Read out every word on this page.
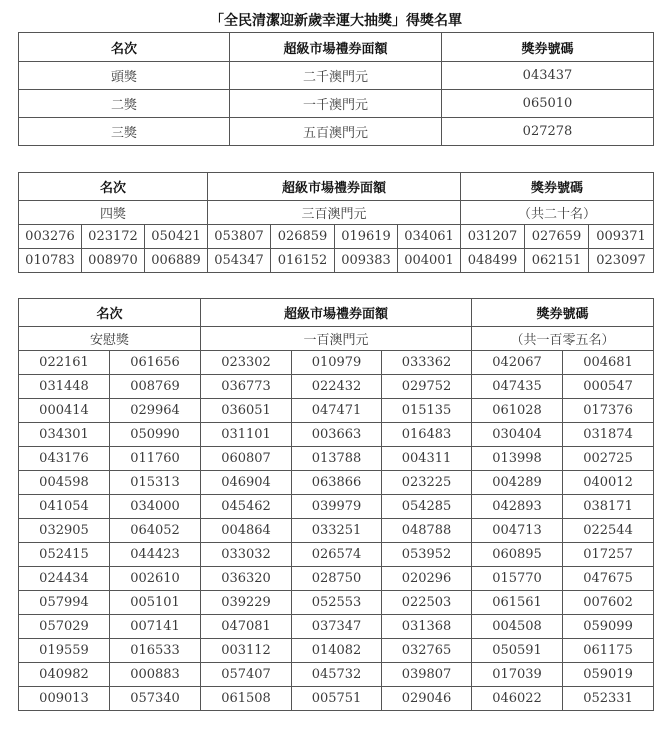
「全民清潔迎新歲幸運大抽獎」得獎名單
名次	超級市場禮券面額	獎券號碼
頭獎	二千澳門元	043437
二獎	一千澳門元	065010
三獎	五百澳門元	027278
名次			超級市場禮券面額				獎券號碼		
四獎			三百澳門元				（共二十名）		
003276	023172	050421	053807	026859	019619	034061	031207	027659	009371
010783	008970	006889	054347	016152	009383	004001	048499	062151	023097
名次		超級市場禮券面額			獎券號碼	
安慰獎		一百澳門元			（共一百零五名）	
022161	061656	023302	010979	033362	042067	004681
031448	008769	036773	022432	029752	047435	000547
000414	029964	036051	047471	015135	061028	017376
034301	050990	031101	003663	016483	030404	031874
043176	011760	060807	013788	004311	013998	002725
004598	015313	046904	063866	023225	004289	040012
041054	034000	045462	039979	054285	042893	038171
032905	064052	004864	033251	048788	004713	022544
052415	044423	033032	026574	053952	060895	017257
024434	002610	036320	028750	020296	015770	047675
057994	005101	039229	052553	022503	061561	007602
057029	007141	047081	037347	031368	004508	059099
019559	016533	003112	014082	032765	050591	061175
040982	000883	057407	045732	039807	017039	059019
009013	057340	061508	005751	029046	046022	052331
